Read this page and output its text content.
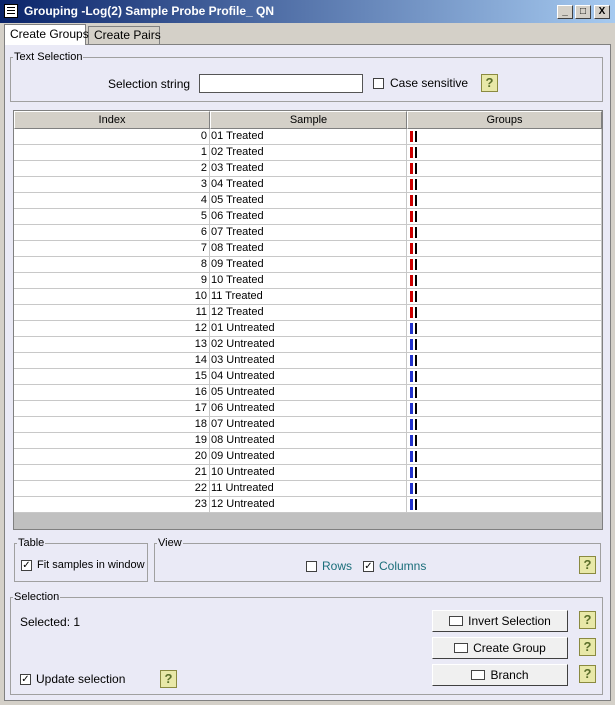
Grouping -Log(2) Sample Probe Profile_ QN	_	□	X
Create Groups Create Pairs
Text Selection
Selection string	Case sensitive	?
Index	Sample	Groups
0 01 Treated
1 02 Treated
2 03 Treated
3 04 Treated
4 05 Treated
5 06 Treated
6 07 Treated
7 08 Treated
8 09 Treated
9 10 Treated
10 11 Treated
11 12 Treated
12 01 Untreated
13 02 Untreated
14 03 Untreated
15 04 Untreated
16 05 Untreated
17 06 Untreated
18 07 Untreated
19 08 Untreated
20 09 Untreated
21 10 Untreated
22 11 Untreated
23 12 Untreated
Table
✓ Fit samples in window
View
Rows ✓ Columns	?
Selection
Selected: 1	Invert Selection	?
Create Group	?
Branch	?
✓ Update selection	?
